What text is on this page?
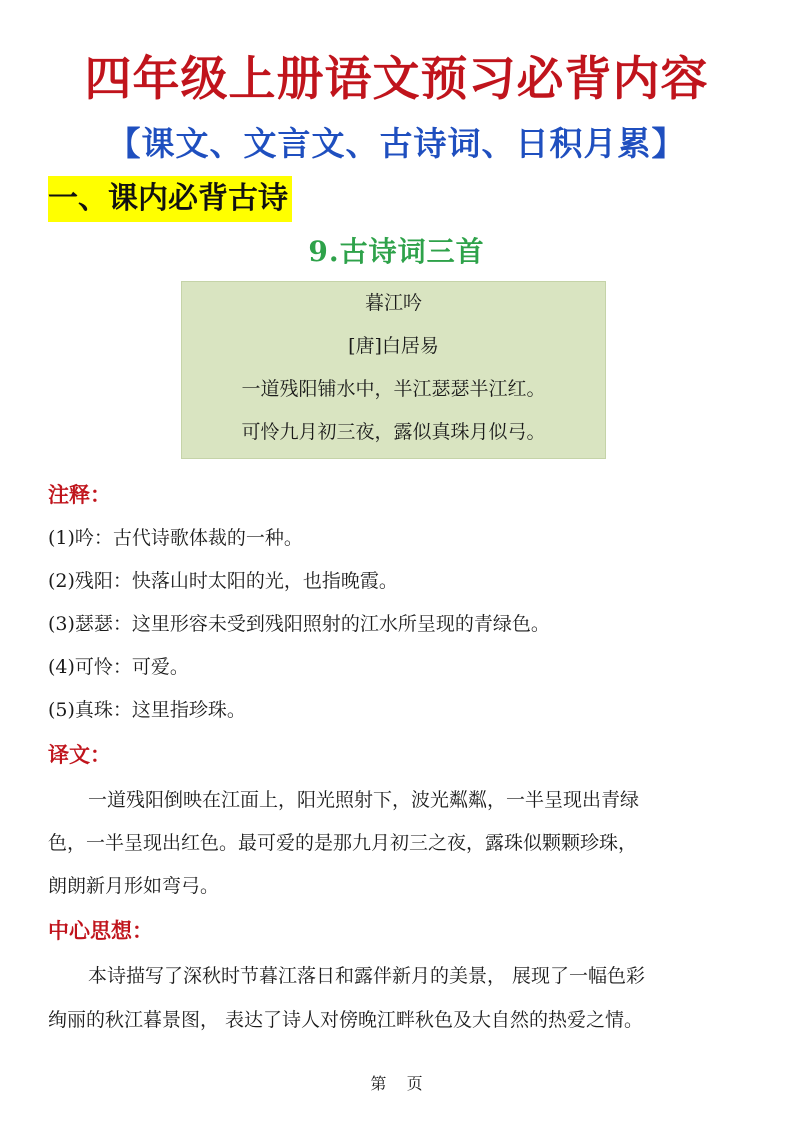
四年级上册语文预习必背内容
【课文、文言文、古诗词、日积月累】
一、课内必背古诗
9.古诗词三首
暮江吟
[唐]白居易
一道残阳铺水中，半江瑟瑟半江红。
可怜九月初三夜，露似真珠月似弓。
注释：
(1)吟：古代诗歌体裁的一种。
(2)残阳：快落山时太阳的光，也指晚霞。
(3)瑟瑟：这里形容未受到残阳照射的江水所呈现的青绿色。
(4)可怜：可爱。
(5)真珠：这里指珍珠。
译文：
一道残阳倒映在江面上，阳光照射下，波光粼粼，一半呈现出青绿
色，一半呈现出红色。最可爱的是那九月初三之夜，露珠似颗颗珍珠，
朗朗新月形如弯弓。
中心思想：
本诗描写了深秋时节暮江落日和露伴新月的美景， 展现了一幅色彩
绚丽的秋江暮景图， 表达了诗人对傍晚江畔秋色及大自然的热爱之情。
第    页
